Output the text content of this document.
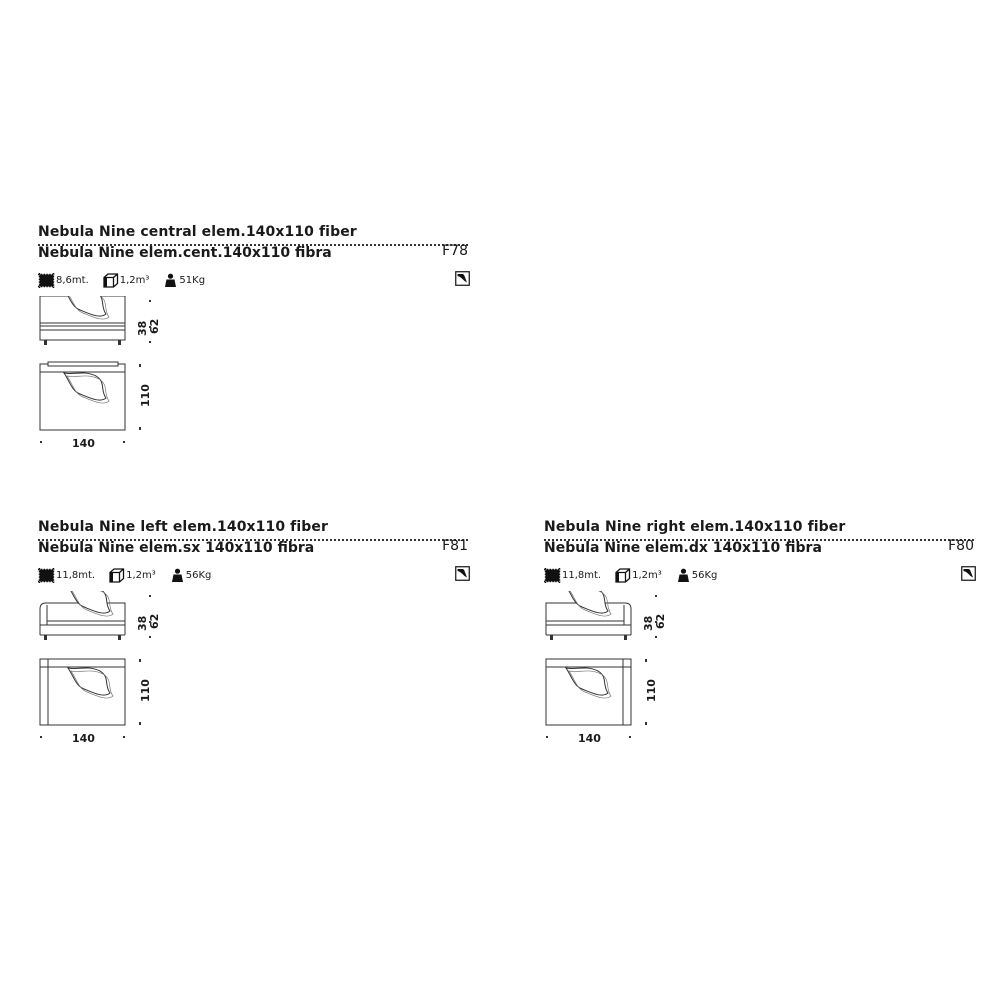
Nebula Nine central elem.140x110 fiber
Nebula Nine elem.cent.140x110 fibra	F78
8,6mt.	1,2m³	51Kg
38 62
110
140
Nebula Nine left elem.140x110 fiber
Nebula Nine elem.sx 140x110 fibra	F81
11,8mt.	1,2m³	56Kg
38 62
110
140
Nebula Nine right elem.140x110 fiber
Nebula Nine elem.dx 140x110 fibra	F80
11,8mt.	1,2m³	56Kg
38 62
110
140
